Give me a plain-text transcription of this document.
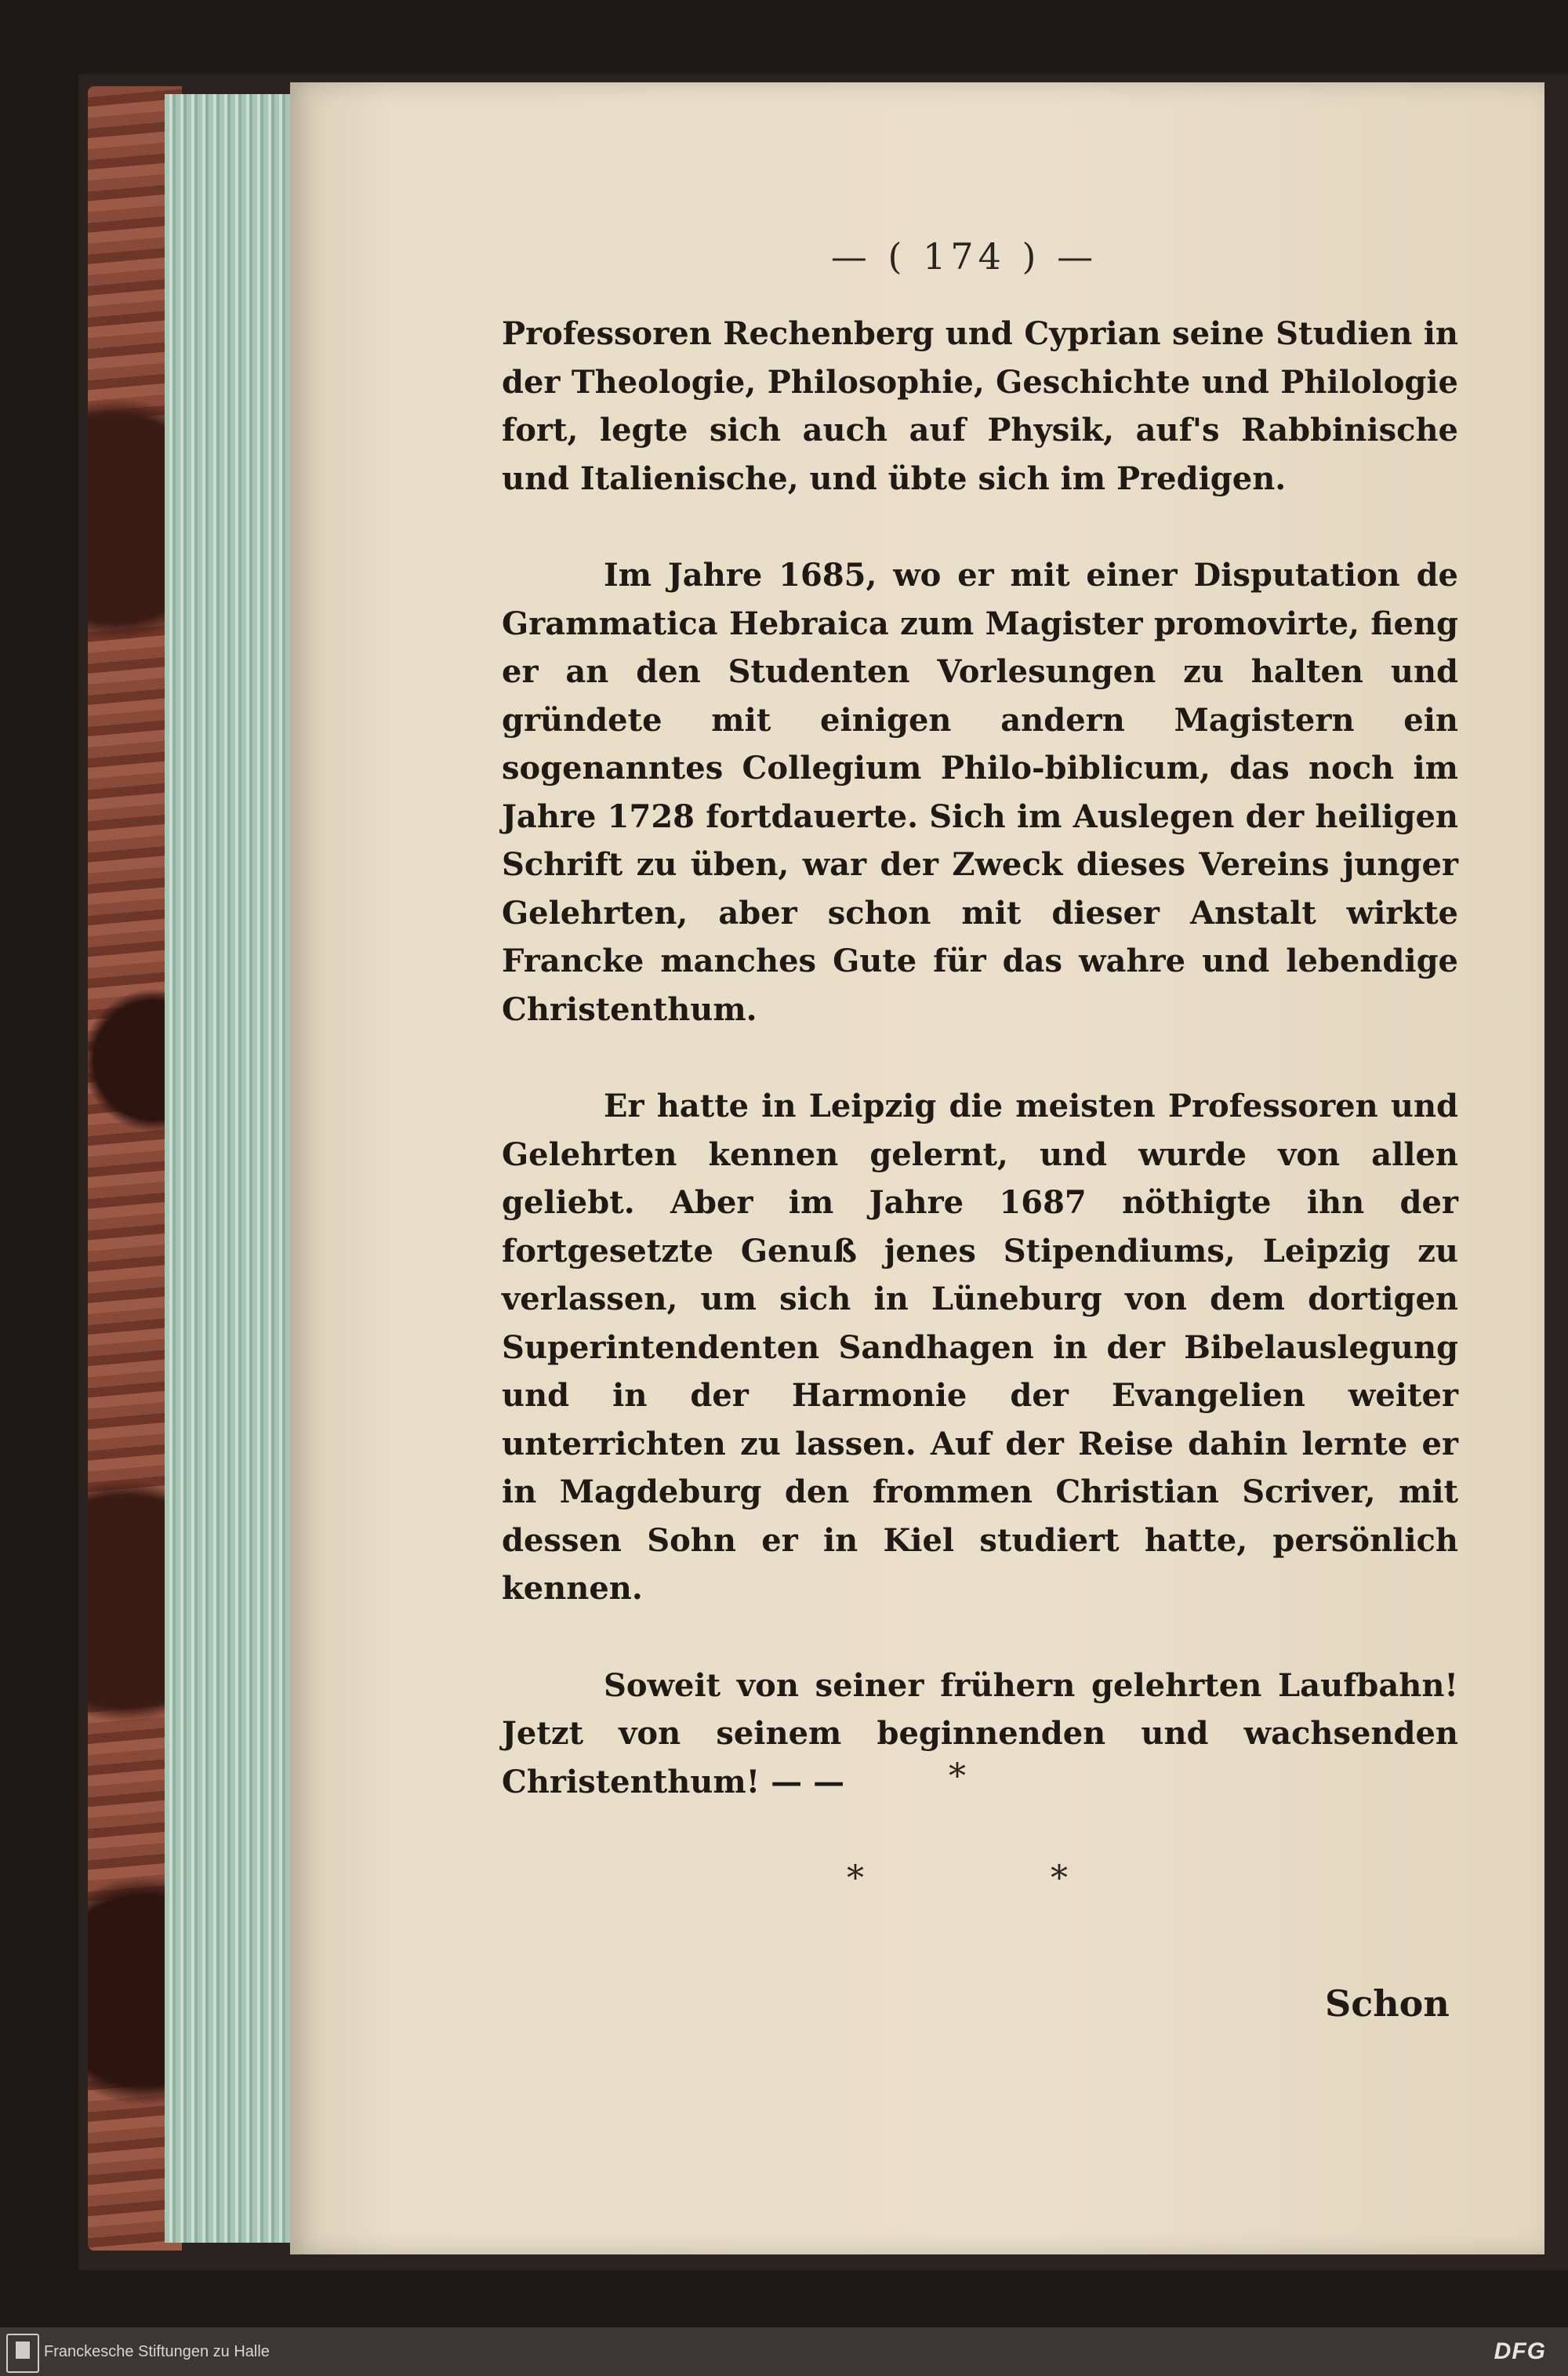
— ( 174 ) —

Professoren Rechenberg und Cyprian seine Studien in der Theologie, Philosophie, Geschichte und Philologie fort, legte sich auch auf Physik, auf's Rabbinische und Italienische, und übte sich im Predigen.

Im Jahre 1685, wo er mit einer Disputation de Grammatica Hebraica zum Magister promovirte, fieng er an den Studenten Vorlesungen zu halten und gründete mit einigen andern Magistern ein sogenanntes Collegium Philo-biblicum, das noch im Jahre 1728 fortdauerte. Sich im Auslegen der heiligen Schrift zu üben, war der Zweck dieses Vereins junger Gelehrten, aber schon mit dieser Anstalt wirkte Francke manches Gute für das wahre und lebendige Christenthum.

Er hatte in Leipzig die meisten Professoren und Gelehrten kennen gelernt, und wurde von allen geliebt. Aber im Jahre 1687 nöthigte ihn der fortgesetzte Genuß jenes Stipendiums, Leipzig zu verlassen, um sich in Lüneburg von dem dortigen Superintendenten Sandhagen in der Bibelauslegung und in der Harmonie der Evangelien weiter unterrichten zu lassen. Auf der Reise dahin lernte er in Magdeburg den frommen Christian Scriver, mit dessen Sohn er in Kiel studiert hatte, persönlich kennen.

Soweit von seiner frühern gelehrten Laufbahn! Jetzt von seinem beginnenden und wachsenden Christenthum! — —	*
*	*
Schon
Franckesche Stiftungen zu Halle	DFG
